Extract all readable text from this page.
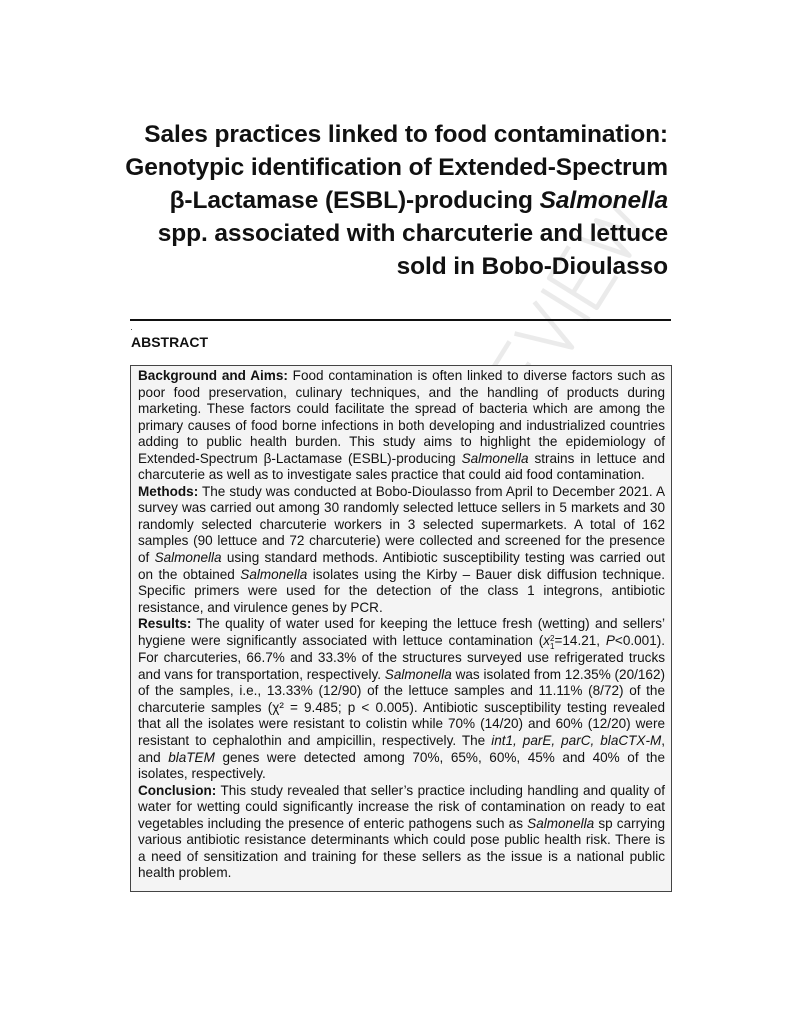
Sales practices linked to food contamination: Genotypic identification of Extended-Spectrum β-Lactamase (ESBL)-producing Salmonella spp. associated with charcuterie and lettuce sold in Bobo-Dioulasso
ABSTRACT

Background and Aims: Food contamination is often linked to diverse factors such as poor food preservation, culinary techniques, and the handling of products during marketing. These factors could facilitate the spread of bacteria which are among the primary causes of food borne infections in both developing and industrialized countries adding to public health burden. This study aims to highlight the epidemiology of Extended-Spectrum β-Lactamase (ESBL)-producing Salmonella strains in lettuce and charcuterie as well as to investigate sales practice that could aid food contamination.

Methods: The study was conducted at Bobo-Dioulasso from April to December 2021. A survey was carried out among 30 randomly selected lettuce sellers in 5 markets and 30 randomly selected charcuterie workers in 3 selected supermarkets. A total of 162 samples (90 lettuce and 72 charcuterie) were collected and screened for the presence of Salmonella using standard methods. Antibiotic susceptibility testing was carried out on the obtained Salmonella isolates using the Kirby – Bauer disk diffusion technique. Specific primers were used for the detection of the class 1 integrons, antibiotic resistance, and virulence genes by PCR.

Results: The quality of water used for keeping the lettuce fresh (wetting) and sellers’ hygiene were significantly associated with lettuce contamination (x 2
1 =14.21, P<0.001). For charcuteries, 66.7% and 33.3% of the structures surveyed use refrigerated trucks and vans for transportation, respectively. Salmonella was isolated from 12.35% (20/162) of the samples, i.e., 13.33% (12/90) of the lettuce samples and 11.11% (8/72) of the charcuterie samples (χ² = 9.485; p < 0.005). Antibiotic susceptibility testing revealed that all the isolates were resistant to colistin while 70% (14/20) and 60% (12/20) were resistant to cephalothin and ampicillin, respectively. The int1, parE, parC, blaCTX-M, and blaTEM genes were detected among 70%, 65%, 60%, 45% and 40% of the isolates, respectively.

Conclusion: This study revealed that seller’s practice including handling and quality of water for wetting could significantly increase the risk of contamination on ready to eat vegetables including the presence of enteric pathogens such as Salmonella sp carrying various antibiotic resistance determinants which could pose public health risk. There is a need of sensitization and training for these sellers as the issue is a national public health problem.
